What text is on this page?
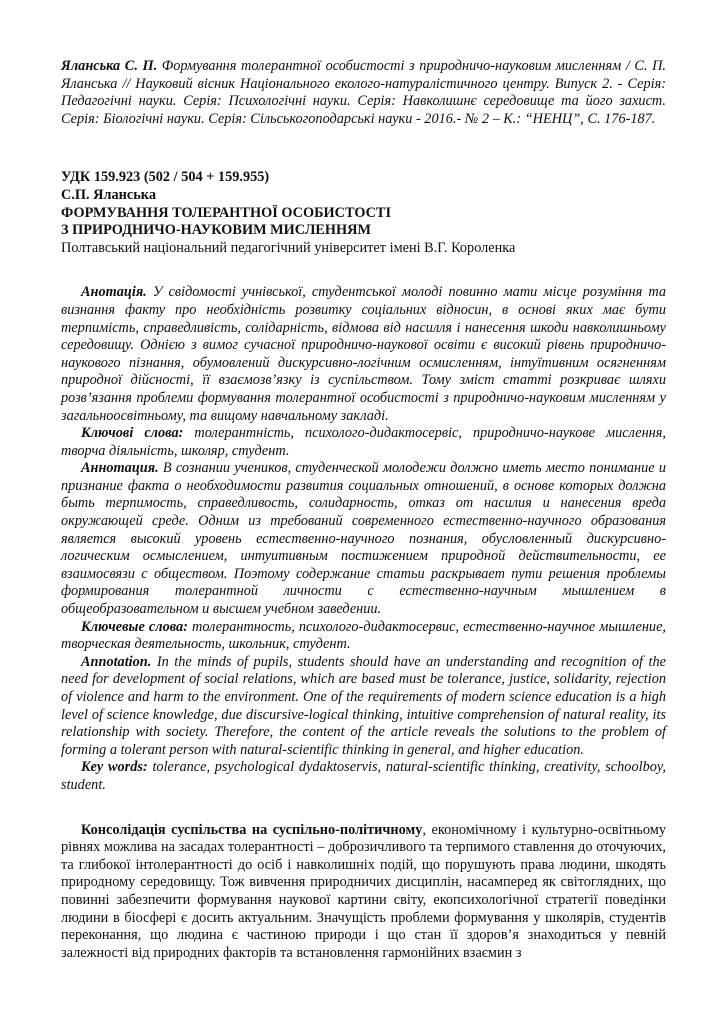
Яланська С. П. Формування толерантної особистості з природничо-науковим мисленням / С. П. Яланська // Науковий вісник Національного еколого-натуралістичного центру. Випуск 2. - Серія: Педагогічні науки. Серія: Психологічні науки. Серія: Навколишнє середовище та його захист. Серія: Біологічні науки. Серія: Сільськогоподарські науки - 2016.- № 2 – К.: “НЕНЦ”, С. 176-187.

УДК 159.923 (502 / 504 + 159.955)
С.П. Яланська
ФОРМУВАННЯ ТОЛЕРАНТНОЇ ОСОБИСТОСТІ
З ПРИРОДНИЧО-НАУКОВИМ МИСЛЕННЯМ
Полтавський національний педагогічний університет імені В.Г. Короленка

Анотація. У свідомості учнівської, студентської молоді повинно мати місце розуміння та визнання факту про необхідність розвитку соціальних відносин, в основі яких має бути терпимість, справедливість, солідарність, відмова від насилля і нанесення шкоди навколишньому середовищу. Однією з вимог сучасної природничо-наукової освіти є високий рівень природничо-наукового пізнання, обумовлений дискурсивно-логічним осмисленням, інтуїтивним осягненням природної дійсності, її взаємозв’язку із суспільством. Тому зміст статті розкриває шляхи розв’язання проблеми формування толерантної особистості з природничо-науковим мисленням у загальноосвітньому, та вищому навчальному закладі.

Ключові слова: толерантність, психолого-дидактосервіс, природничо-наукове мислення, творча діяльність, школяр, студент.

Аннотация. В сознании учеников, студенческой молодежи должно иметь место понимание и признание факта о необходимости развития социальных отношений, в основе которых должна быть терпимость, справедливость, солидарность, отказ от насилия и нанесения вреда окружающей среде. Одним из требований современного естественно-научного образования является высокий уровень естественно-научного познания, обусловленный дискурсивно-логическим осмыслением, интуитивным постижением природной действительности, ее взаимосвязи с обществом. Поэтому содержание статьи раскрывает пути решения проблемы формирования толерантной личности с естественно-научным мышлением в общеобразовательном и высшем учебном заведении.

Ключевые слова: толерантность, психолого-дидактосервис, естественно-научное мышление, творческая деятельность, школьник, студент.

Annotation. In the minds of pupils, students should have an understanding and recognition of the need for development of social relations, which are based must be tolerance, justice, solidarity, rejection of violence and harm to the environment. One of the requirements of modern science education is a high level of science knowledge, due discursive-logical thinking, intuitive comprehension of natural reality, its relationship with society. Therefore, the content of the article reveals the solutions to the problem of forming a tolerant person with natural-scientific thinking in general, and higher education.

Key words: tolerance, psychological dydaktoservis, natural-scientific thinking, creativity, schoolboy, student.

Консолідація суспільства на суспільно-політичному, економічному і культурно-освітньому рівнях можлива на засадах толерантності – доброзичливого та терпимого ставлення до оточуючих, та глибокої інтолерантності до осіб і навколишніх подій, що порушують права людини, шкодять природному середовищу. Тож вивчення природничих дисциплін, насамперед як світоглядних, що повинні забезпечити формування наукової картини світу, екопсихологічної стратегії поведінки людини в біосфері є досить актуальним. Значущість проблеми формування у школярів, студентів переконання, що людина є частиною природи і що стан її здоров’я знаходиться у певній залежності від природних факторів та встановлення гармонійних взаємин з
